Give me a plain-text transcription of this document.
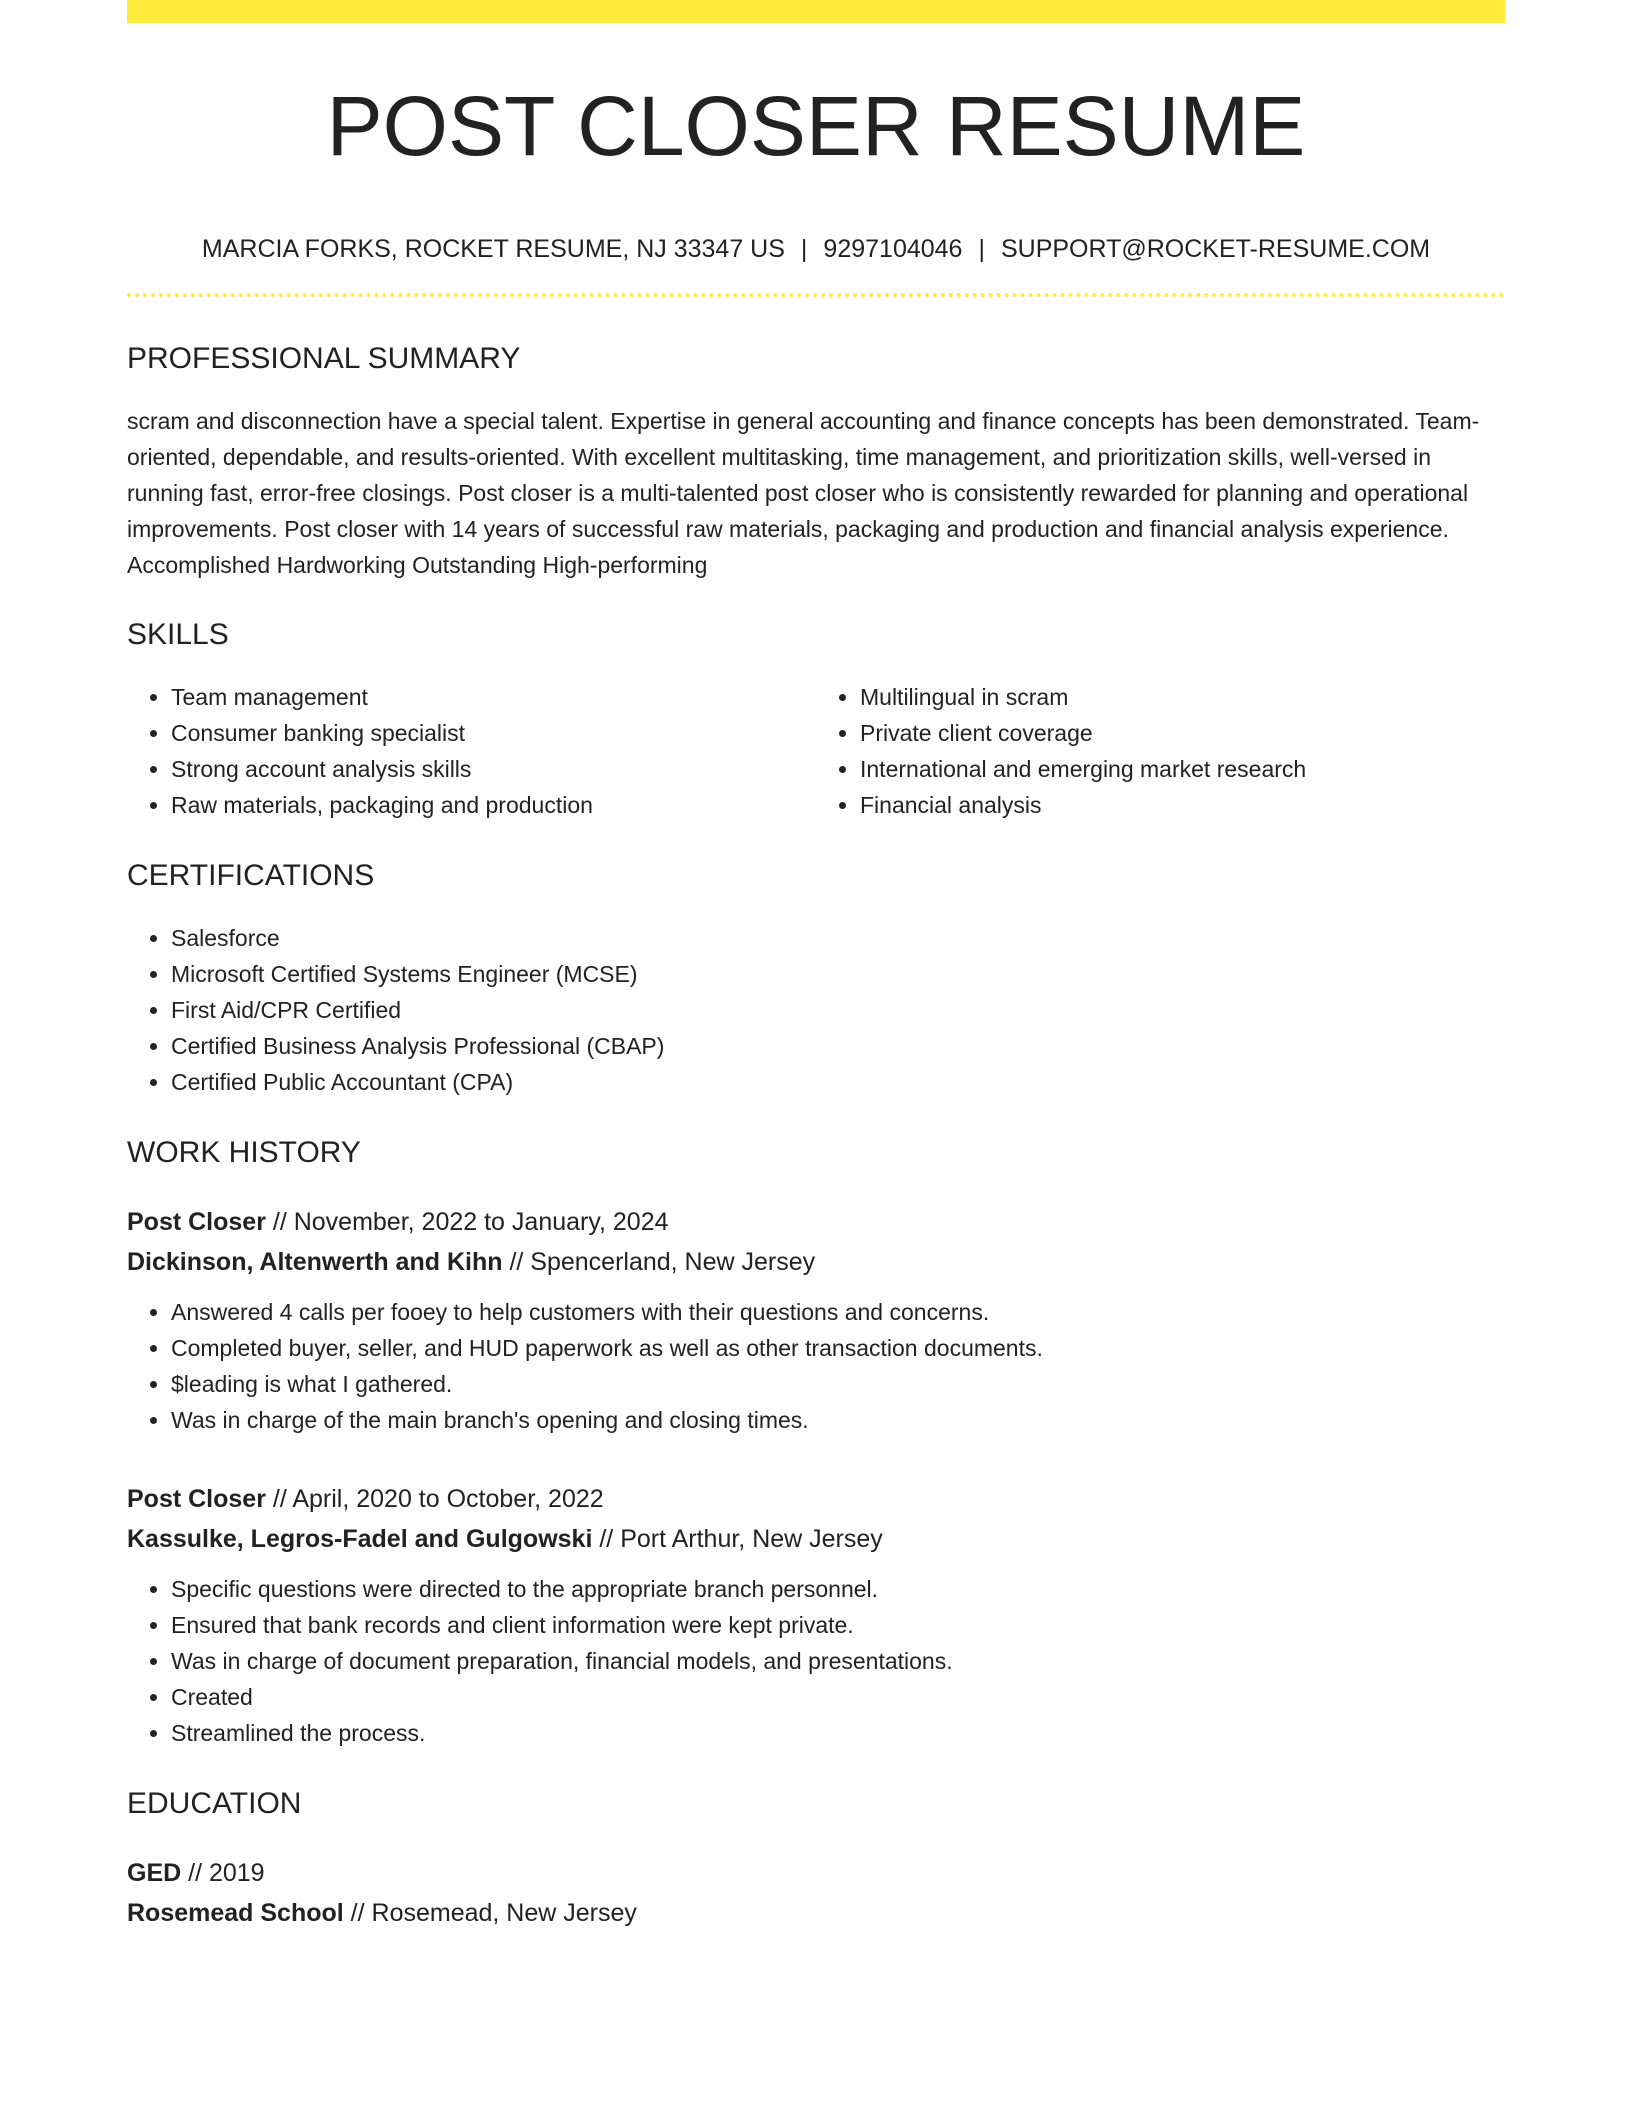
POST CLOSER RESUME
MARCIA FORKS, ROCKET RESUME, NJ 33347 US | 9297104046 | SUPPORT@ROCKET-RESUME.COM
PROFESSIONAL SUMMARY
scram and disconnection have a special talent. Expertise in general accounting and finance concepts has been demonstrated. Team-oriented, dependable, and results-oriented. With excellent multitasking, time management, and prioritization skills, well-versed in running fast, error-free closings. Post closer is a multi-talented post closer who is consistently rewarded for planning and operational improvements. Post closer with 14 years of successful raw materials, packaging and production and financial analysis experience. Accomplished Hardworking Outstanding High-performing
SKILLS
• Team management
• Consumer banking specialist
• Strong account analysis skills
• Raw materials, packaging and production
• Multilingual in scram
• Private client coverage
• International and emerging market research
• Financial analysis
CERTIFICATIONS
• Salesforce
• Microsoft Certified Systems Engineer (MCSE)
• First Aid/CPR Certified
• Certified Business Analysis Professional (CBAP)
• Certified Public Accountant (CPA)
WORK HISTORY
Post Closer // November, 2022 to January, 2024
Dickinson, Altenwerth and Kihn // Spencerland, New Jersey
• Answered 4 calls per fooey to help customers with their questions and concerns.
• Completed buyer, seller, and HUD paperwork as well as other transaction documents.
• $leading is what I gathered.
• Was in charge of the main branch's opening and closing times.
Post Closer // April, 2020 to October, 2022
Kassulke, Legros-Fadel and Gulgowski // Port Arthur, New Jersey
• Specific questions were directed to the appropriate branch personnel.
• Ensured that bank records and client information were kept private.
• Was in charge of document preparation, financial models, and presentations.
• Created
• Streamlined the process.
EDUCATION
GED // 2019
Rosemead School // Rosemead, New Jersey
